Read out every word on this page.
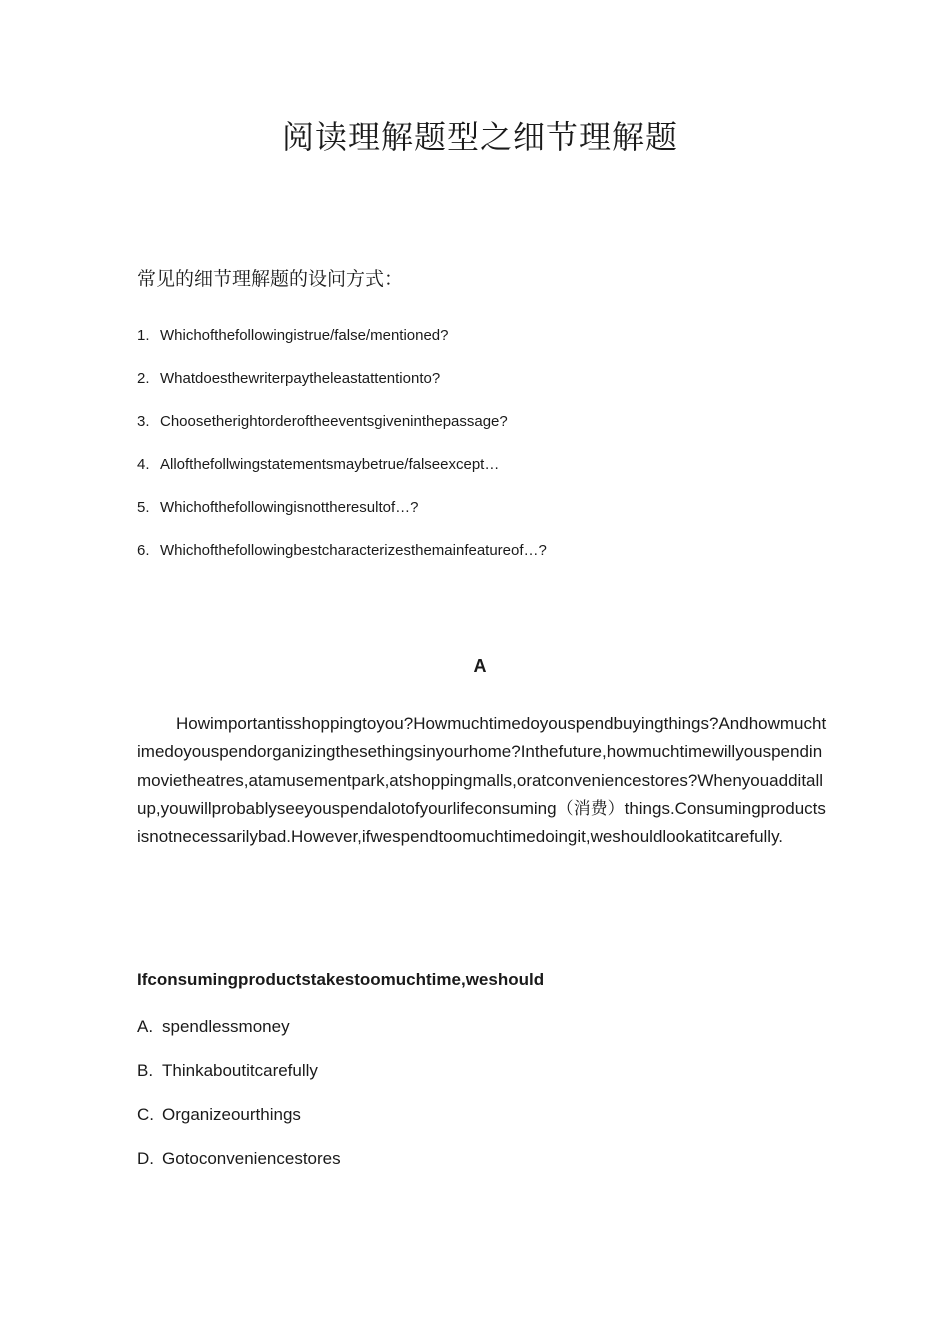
阅读理解题型之细节理解题

常见的细节理解题的设问方式：

1. Whichofthefollowingistrue/false/mentioned?
2. Whatdoesthewriterpaytheleastattentionto?
3. Choosetherightorderoftheeventsgiveninthepassage?
4. Allofthefollwingstatementsmaybetrue/falseexcept…
5. Whichofthefollowingisnottheresultof…?
6. Whichofthefollowingbestcharacterizesthemainfeatureof…?

A

Howimportantisshoppingtoyou?Howmuchtimedoyouspendbuyingthings?Andhowmuchtimedoyouspendorganizingthesethingsinyourhome?Inthefuture,howmuchtimewillyouspendinmovietheatres,atamusementpark,atshoppingmalls,oratconveniencestores?Whenyouadditallup,youwillprobablyseeyouspendalotofyourlifeconsuming（消费）things.Consumingproductsisnotnecessarilybad.However,ifwespendtoomuchtimedoingit,weshouldlookatitcarefully.

Ifconsumingproductstakestoomuchtime,weshould

A. spendlessmoney
B. Thinkaboutitcarefully
C. Organizeourthings
D. Gotoconveniencestores
